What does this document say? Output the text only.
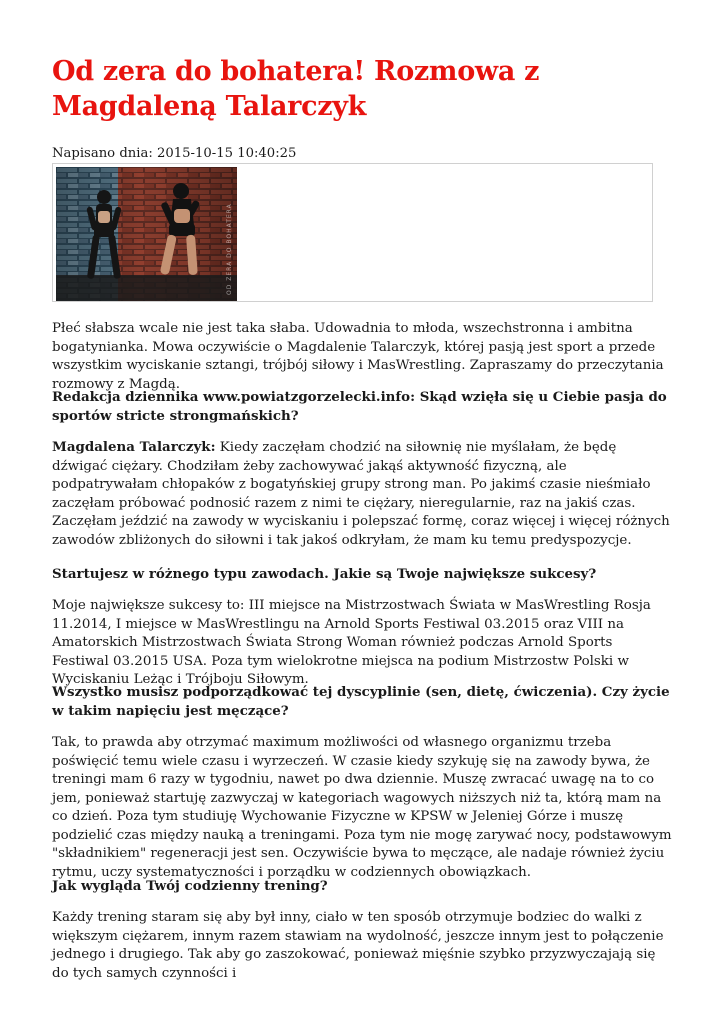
Od zera do bohatera! Rozmowa z Magdaleną Talarczyk
Napisano dnia: 2015-10-15 10:40:25
OD ZERA DO BOHATERA

Płeć słabsza wcale nie jest taka słaba. Udowadnia to młoda, wszechstronna i ambitna bogatynianka. Mowa oczywiście o Magdalenie Talarczyk, której pasją jest sport a przede wszystkim wyciskanie sztangi, trójbój siłowy i MasWrestling. Zapraszamy do przeczytania rozmowy z Magdą.

Redakcja dziennika www.powiatzgorzelecki.info: Skąd wzięła się u Ciebie pasja do sportów stricte strongmańskich?

Magdalena Talarczyk: Kiedy zaczęłam chodzić na siłownię nie myślałam, że będę dźwigać ciężary. Chodziłam żeby zachowywać jakąś aktywność fizyczną, ale podpatrywałam chłopaków z bogatyńskiej grupy strong man. Po jakimś czasie nieśmiało zaczęłam próbować podnosić razem z nimi te ciężary, nieregularnie, raz na jakiś czas. Zaczęłam jeździć na zawody w wyciskaniu i polepszać formę, coraz więcej i więcej różnych zawodów zbliżonych do siłowni i tak jakoś odkryłam, że mam ku temu predyspozycje.

Startujesz w różnego typu zawodach. Jakie są Twoje największe sukcesy?

Moje największe sukcesy to: III miejsce na Mistrzostwach Świata w MasWrestling Rosja 11.2014, I miejsce w MasWrestlingu na Arnold Sports Festiwal 03.2015 oraz VIII na Amatorskich Mistrzostwach Świata Strong Woman również podczas Arnold Sports Festiwal 03.2015 USA. Poza tym wielokrotne miejsca na podium Mistrzostw Polski w Wyciskaniu Leżąc i Trójboju Siłowym.

Wszystko musisz podporządkować tej dyscyplinie (sen, dietę, ćwiczenia). Czy życie w takim napięciu jest męczące?

Tak, to prawda aby otrzymać maximum możliwości od własnego organizmu trzeba poświęcić temu wiele czasu i wyrzeczeń. W czasie kiedy szykuję się na zawody bywa, że treningi mam 6 razy w tygodniu, nawet po dwa dziennie. Muszę zwracać uwagę na to co jem, ponieważ startuję zazwyczaj w kategoriach wagowych niższych niż ta, którą mam na co dzień. Poza tym studiuję Wychowanie Fizyczne w KPSW w Jeleniej Górze i muszę podzielić czas między nauką a treningami. Poza tym nie mogę zarywać nocy, podstawowym "składnikiem" regeneracji jest sen. Oczywiście bywa to męczące, ale nadaje również życiu rytmu, uczy systematyczności i porządku w codziennych obowiązkach.

Jak wygląda Twój codzienny trening?

Każdy trening staram się aby był inny, ciało w ten sposób otrzymuje bodziec do walki z większym ciężarem, innym razem stawiam na wydolność, jeszcze innym jest to połączenie jednego i drugiego. Tak aby go zaszokować, ponieważ mięśnie szybko przyzwyczajają się do tych samych czynności i
